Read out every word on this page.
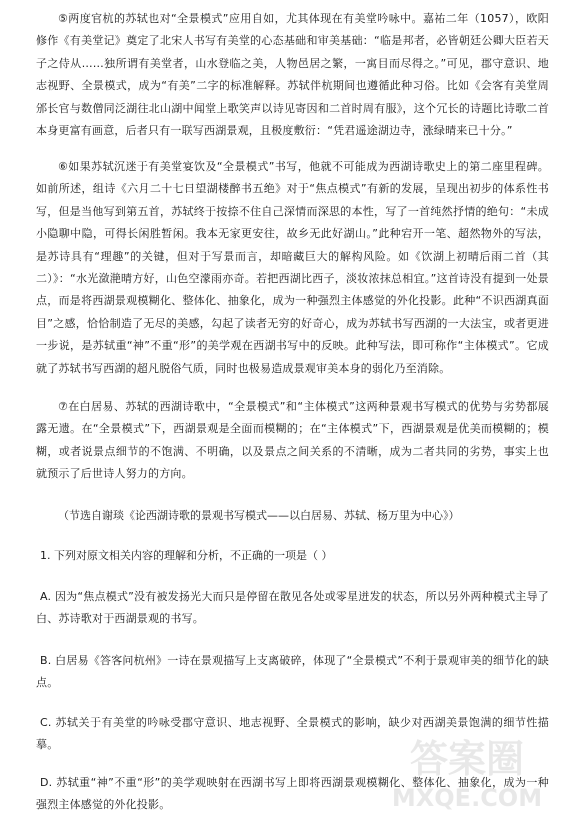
⑤两度官杭的苏轼也对“全景模式”应用自如，尤其体现在有美堂吟咏中。嘉祐二年（1057），欧阳修作《有美堂记》奠定了北宋人书写有美堂的心态基础和审美基础：“临是邦者，必皆朝廷公卿大臣若天子之侍从……独所谓有美堂者，山水登临之美，人物邑居之繁，一寓目而尽得之。”可见，郡守意识、地志视野、全景模式，成为“有美”二字的标准解释。苏轼伴杭期间也遵循此种习俗。比如《会客有美堂周邠长官与数僧同泛湖往北山湖中闻堂上歌笑声以诗见寄因和二首时周有服》，这个冗长的诗题比诗歌二首本身更富有画意，后者只有一联写西湖景观，且极度敷衍：“凭君遥途湖边寺，涨绿晴来已十分。”

⑥如果苏轼沉迷于有美堂宴饮及“全景模式”书写，他就不可能成为西湖诗歌史上的第二座里程碑。如前所述，组诗《六月二十七日望湖楼醉书五绝》对于“焦点模式”有新的发展，呈现出初步的体系性书写，但是当他写到第五首，苏轼终于按捺不住自己深情而深思的本性，写了一首纯然抒情的绝句：“未成小隐聊中隐，可得长闲胜暂闲。我本无家更安往，故乡无此好湖山。”此种宕开一笔、超然物外的写法，是苏诗具有“理趣”的关键，但对于写景而言，却暗藏巨大的解构风险。如《饮湖上初晴后雨二首（其二）》：“水光潋滟晴方好，山色空濛雨亦奇。若把西湖比西子，淡妆浓抹总相宜。”这首诗没有提到一处景点，而是将西湖景观模糊化、整体化、抽象化，成为一种强烈主体感觉的外化投影。此种“不识西湖真面目”之感，恰恰制造了无尽的美感，勾起了读者无穷的好奇心，成为苏轼书写西湖的一大法宝，或者更进一步说，是苏轼重“神”不重“形”的美学观在西湖书写中的反映。此种写法，即可称作“主体模式”。它成就了苏轼书写西湖的超凡脱俗气质，同时也极易造成景观审美本身的弱化乃至消除。

⑦在白居易、苏轼的西湖诗歌中，“全景模式”和“主体模式”这两种景观书写模式的优势与劣势都展露无遗。在“全景模式”下，西湖景观是全面而模糊的；在“主体模式”下，西湖景观是优美而模糊的；模糊，或者说景点细节的不饱满、不明确，以及景点之间关系的不清晰，成为二者共同的劣势，事实上也就预示了后世诗人努力的方向。

（节选自谢琰《论西湖诗歌的景观书写模式——以白居易、苏轼、杨万里为中心》）

1. 下列对原文相关内容的理解和分析，不正确的一项是（ ）

A. 因为“焦点模式”没有被发扬光大而只是停留在散见各处或零星迸发的状态，所以另外两种模式主导了白、苏诗歌对于西湖景观的书写。

B. 白居易《答客问杭州》一诗在景观描写上支离破碎，体现了“全景模式”不利于景观审美的细节化的缺点。

C. 苏轼关于有美堂的吟咏受郡守意识、地志视野、全景模式的影响，缺少对西湖美景饱满的细节性描摹。

D. 苏轼重“神”不重“形”的美学观映射在西湖书写上即将西湖景观模糊化、整体化、抽象化，成为一种强烈主体感觉的外化投影。

答案圈
MXQE.COM
